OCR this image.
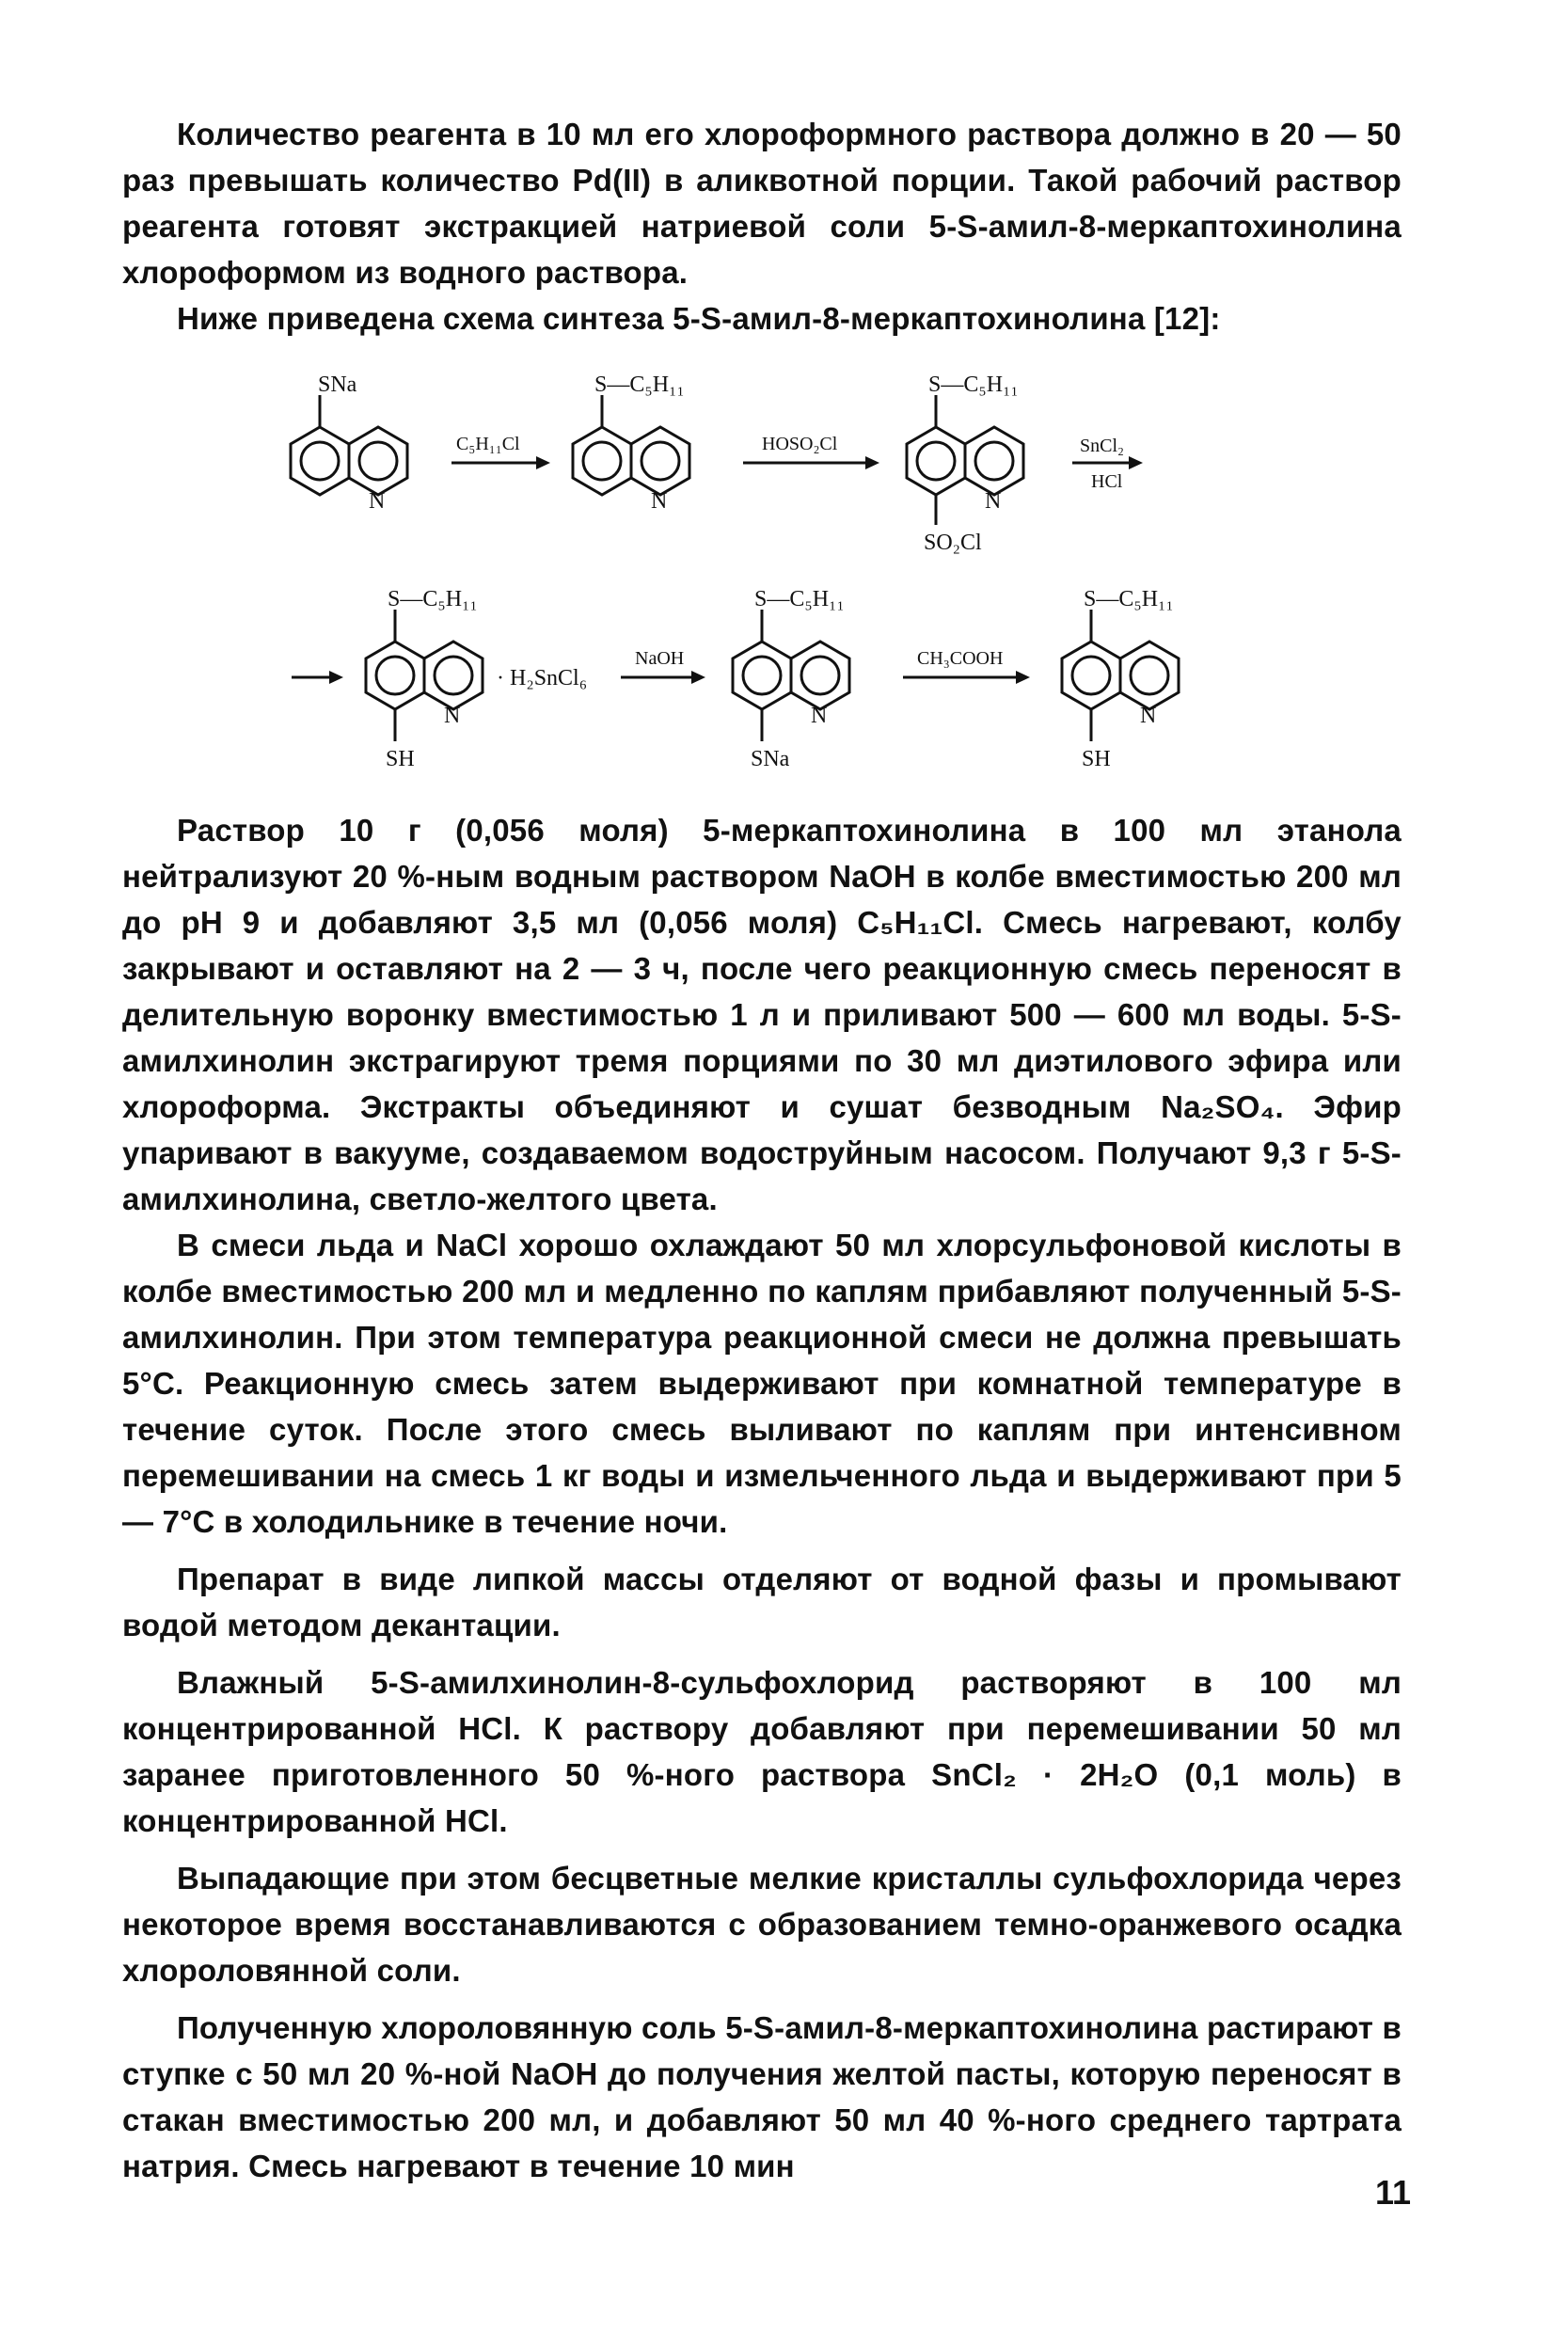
Количество реагента в 10 мл его хлороформного раствора должно в 20 — 50 раз превышать количество Pd(II) в аликвотной порции. Такой рабочий раствор реагента готовят экстракцией натриевой соли 5-S-амил-8-меркаптохинолина хлороформом из водного раствора.

Ниже приведена схема синтеза 5-S-амил-8-меркаптохинолина [12]:

SNa
N
C₅H₁₁Cl
S—C₅H₁₁
N
HOSO₂Cl
S—C₅H₁₁
N
SO₂Cl
SnCl₂
HCl
S—C₅H₁₁
N
SH
· H₂SnCl₆
NaOH
S—C₅H₁₁
N
SNa
CH₃COOH
S—C₅H₁₁
N
SH

Раствор 10 г (0,056 моля) 5-меркаптохинолина в 100 мл этанола нейтрализуют 20 %-ным водным раствором NaOH в колбе вместимостью 200 мл до pH 9 и добавляют 3,5 мл (0,056 моля) C₅H₁₁Cl. Смесь нагревают, колбу закрывают и оставляют на 2 — 3 ч, после чего реакционную смесь переносят в делительную воронку вместимостью 1 л и приливают 500 — 600 мл воды. 5-S-амилхинолин экстрагируют тремя порциями по 30 мл диэтилового эфира или хлороформа. Экстракты объединяют и сушат безводным Na₂SO₄. Эфир упаривают в вакууме, создаваемом водоструйным насосом. Получают 9,3 г 5-S-амилхинолина, светло-желтого цвета.

В смеси льда и NaCl хорошо охлаждают 50 мл хлорсульфоновой кислоты в колбе вместимостью 200 мл и медленно по каплям прибавляют полученный 5-S-амилхинолин. При этом температура реакционной смеси не должна превышать 5°C. Реакционную смесь затем выдерживают при комнатной температуре в течение суток. После этого смесь выливают по каплям при интенсивном перемешивании на смесь 1 кг воды и измельченного льда и выдерживают при 5 — 7°C в холодильнике в течение ночи.

Препарат в виде липкой массы отделяют от водной фазы и промывают водой методом декантации.

Влажный 5-S-амилхинолин-8-сульфохлорид растворяют в 100 мл концентрированной HCl. К раствору добавляют при перемешивании 50 мл заранее приготовленного 50 %-ного раствора SnCl₂ · 2H₂O (0,1 моль) в концентрированной HCl.

Выпадающие при этом бесцветные мелкие кристаллы сульфохлорида через некоторое время восстанавливаются с образованием темно-оранжевого осадка хлороловянной соли.

Полученную хлороловянную соль 5-S-амил-8-меркаптохинолина растирают в ступке с 50 мл 20 %-ной NaOH до получения желтой пасты, которую переносят в стакан вместимостью 200 мл, и добавляют 50 мл 40 %-ного среднего тартрата натрия. Смесь нагревают в течение 10 мин

11
